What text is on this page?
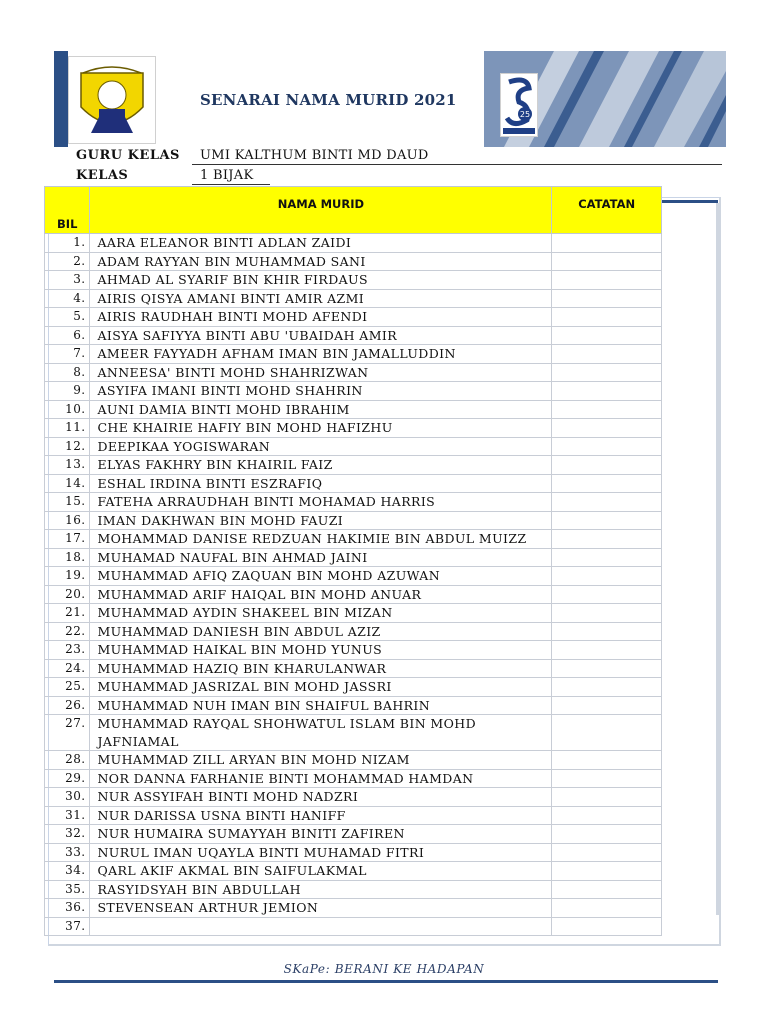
SENARAI NAMA MURID 2021
25
GURU KELAS UMI KALTHUM BINTI MD DAUD
KELAS	1 BIJAK
BIL	NAMA MURID	CATATAN
1.	AARA ELEANOR BINTI ADLAN ZAIDI	
2.	ADAM RAYYAN BIN MUHAMMAD SANI	
3.	AHMAD AL SYARIF BIN KHIR FIRDAUS	
4.	AIRIS QISYA AMANI BINTI AMIR AZMI	
5.	AIRIS RAUDHAH BINTI MOHD AFENDI	
6.	AISYA SAFIYYA BINTI ABU 'UBAIDAH AMIR	
7.	AMEER FAYYADH AFHAM IMAN BIN JAMALLUDDIN	
8.	ANNEESA' BINTI MOHD SHAHRIZWAN	
9.	ASYIFA IMANI BINTI MOHD SHAHRIN	
10.	AUNI DAMIA BINTI MOHD IBRAHIM	
11.	CHE KHAIRIE HAFIY BIN MOHD HAFIZHU	
12.	DEEPIKAA YOGISWARAN	
13.	ELYAS FAKHRY BIN KHAIRIL FAIZ	
14.	ESHAL IRDINA BINTI ESZRAFIQ	
15.	FATEHA ARRAUDHAH BINTI MOHAMAD HARRIS	
16.	IMAN DAKHWAN BIN MOHD FAUZI	
17.	MOHAMMAD DANISE REDZUAN HAKIMIE BIN ABDUL MUIZZ	
18.	MUHAMAD NAUFAL BIN AHMAD JAINI	
19.	MUHAMMAD AFIQ ZAQUAN BIN MOHD AZUWAN	
20.	MUHAMMAD ARIF HAIQAL BIN MOHD ANUAR	
21.	MUHAMMAD AYDIN SHAKEEL BIN MIZAN	
22.	MUHAMMAD DANIESH BIN ABDUL AZIZ	
23.	MUHAMMAD HAIKAL BIN MOHD YUNUS	
24.	MUHAMMAD HAZIQ BIN KHARULANWAR	
25.	MUHAMMAD JASRIZAL BIN MOHD JASSRI	
26.	MUHAMMAD NUH IMAN BIN SHAIFUL BAHRIN	
27.	MUHAMMAD RAYQAL SHOHWATUL ISLAM BIN MOHD JAFNIAMAL	
28.	MUHAMMAD ZILL ARYAN BIN MOHD NIZAM	
29.	NOR DANNA FARHANIE BINTI MOHAMMAD HAMDAN	
30.	NUR ASSYIFAH BINTI MOHD NADZRI	
31.	NUR DARISSA USNA BINTI HANIFF	
32.	NUR HUMAIRA SUMAYYAH BINITI ZAFIREN	
33.	NURUL IMAN UQAYLA BINTI MUHAMAD FITRI	
34.	QARL AKIF AKMAL BIN SAIFULAKMAL	
35.	RASYIDSYAH BIN ABDULLAH	
36.	STEVENSEAN ARTHUR JEMION	
37.		
SKaPe: BERANI KE HADAPAN
